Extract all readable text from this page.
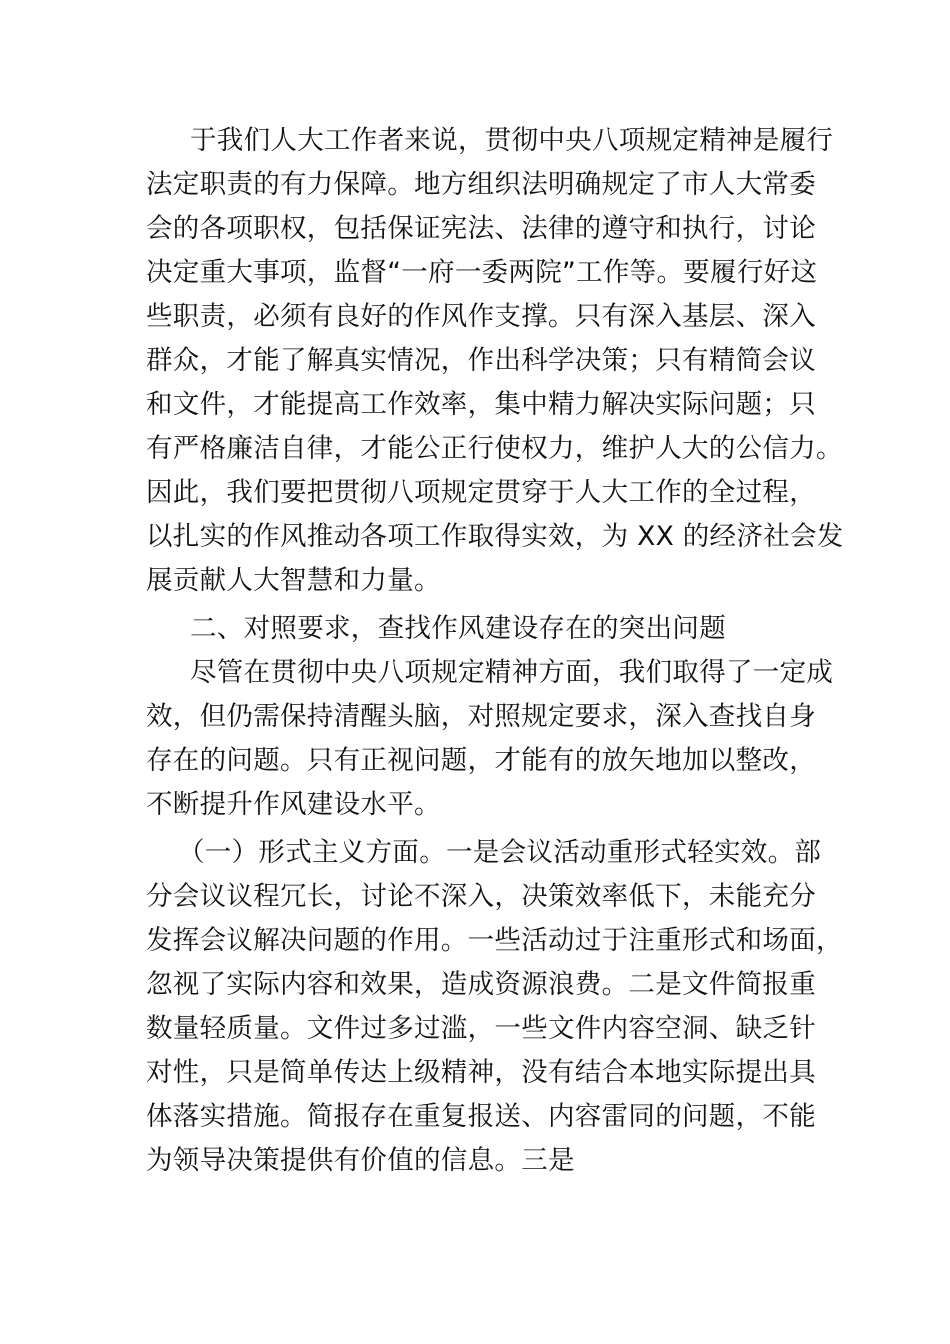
于我们人大工作者来说，贯彻中央八项规定精神是履行
法定职责的有力保障。地方组织法明确规定了市人大常委
会的各项职权，包括保证宪法、法律的遵守和执行，讨论
决定重大事项，监督“一府一委两院”工作等。要履行好这
些职责，必须有良好的作风作支撑。只有深入基层、深入
群众，才能了解真实情况，作出科学决策；只有精简会议
和文件，才能提高工作效率，集中精力解决实际问题；只
有严格廉洁自律，才能公正行使权力，维护人大的公信力。
因此，我们要把贯彻八项规定贯穿于人大工作的全过程，
以扎实的作风推动各项工作取得实效，为 XX 的经济社会发
展贡献人大智慧和力量。
二、对照要求，查找作风建设存在的突出问题
尽管在贯彻中央八项规定精神方面，我们取得了一定成
效，但仍需保持清醒头脑，对照规定要求，深入查找自身
存在的问题。只有正视问题，才能有的放矢地加以整改，
不断提升作风建设水平。
（一）形式主义方面。一是会议活动重形式轻实效。部
分会议议程冗长，讨论不深入，决策效率低下，未能充分
发挥会议解决问题的作用。一些活动过于注重形式和场面，
忽视了实际内容和效果，造成资源浪费。二是文件简报重
数量轻质量。文件过多过滥，一些文件内容空洞、缺乏针
对性，只是简单传达上级精神，没有结合本地实际提出具
体落实措施。简报存在重复报送、内容雷同的问题，不能
为领导决策提供有价值的信息。三是
